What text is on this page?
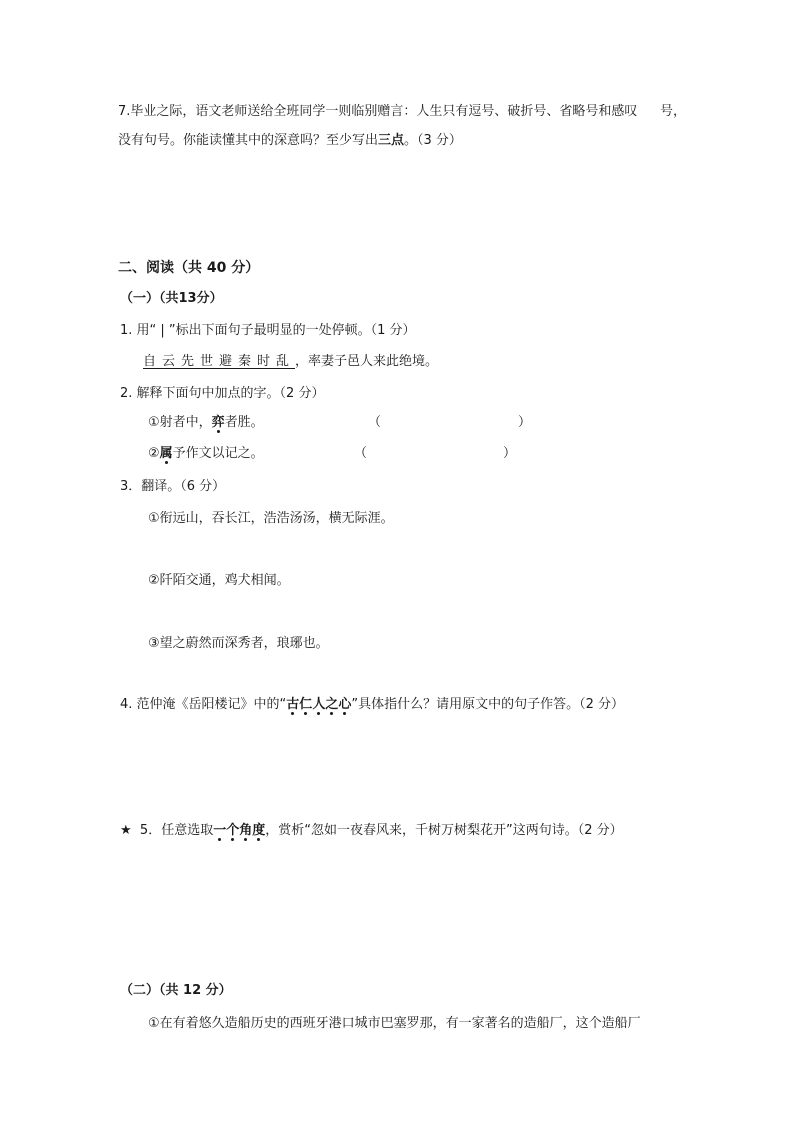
7.毕业之际，语文老师送给全班同学一则临别赠言：人生只有逗号、破折号、省略号和感叹 号，
没有句号。你能读懂其中的深意吗？至少写出三点。（3 分）
二、阅读（共 40 分）
（一）（共13分）
1. 用“ | ”标出下面句子最明显的一处停顿。（1 分）
自云先世避秦时乱，率妻子邑人来此绝境。
2. 解释下面句中加点的字。（2 分）
①射者中，弈者胜。	（	）
②属予作文以记之。	（	）
3．翻译。（6 分）
①衔远山，吞长江，浩浩汤汤，横无际涯。
②阡陌交通，鸡犬相闻。
③望之蔚然而深秀者，琅琊也。
4. 范仲淹《岳阳楼记》中的“古仁人之心”具体指什么？请用原文中的句子作答。（2 分）
★ 5．任意选取一个角度，赏析“忽如一夜春风来，千树万树梨花开”这两句诗。（2 分）
（二）（共 12 分）
①在有着悠久造船历史的西班牙港口城市巴塞罗那，有一家著名的造船厂，这个造船厂
